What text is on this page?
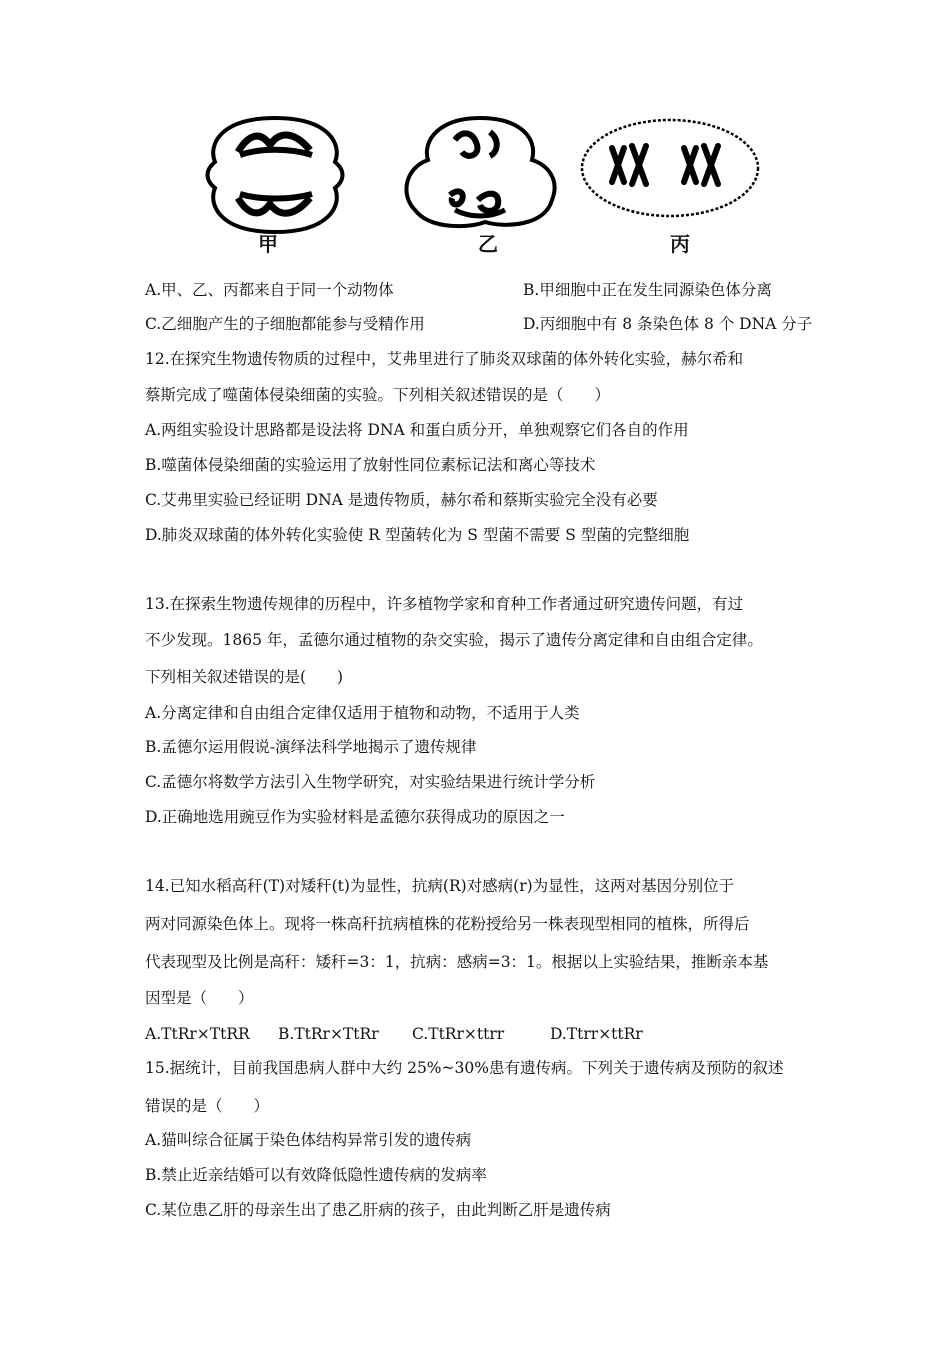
甲	乙	丙
A.甲、乙、丙都来自于同一个动物体	B.甲细胞中正在发生同源染色体分离
C.乙细胞产生的子细胞都能参与受精作用	D.丙细胞中有 8 条染色体 8 个 DNA 分子
12.在探究生物遗传物质的过程中，艾弗里进行了肺炎双球菌的体外转化实验，赫尔希和
蔡斯完成了噬菌体侵染细菌的实验。下列相关叙述错误的是（　　）
A.两组实验设计思路都是设法将 DNA 和蛋白质分开，单独观察它们各自的作用
B.噬菌体侵染细菌的实验运用了放射性同位素标记法和离心等技术
C.艾弗里实验已经证明 DNA 是遗传物质，赫尔希和蔡斯实验完全没有必要
D.肺炎双球菌的体外转化实验使 R 型菌转化为 S 型菌不需要 S 型菌的完整细胞
13.在探索生物遗传规律的历程中，许多植物学家和育种工作者通过研究遗传问题，有过
不少发现。1865 年，孟德尔通过植物的杂交实验，揭示了遗传分离定律和自由组合定律。
下列相关叙述错误的是(　　)
A.分离定律和自由组合定律仅适用于植物和动物，不适用于人类
B.孟德尔运用假说-演绎法科学地揭示了遗传规律
C.孟德尔将数学方法引入生物学研究，对实验结果进行统计学分析
D.正确地选用豌豆作为实验材料是孟德尔获得成功的原因之一
14.已知水稻高秆(T)对矮秆(t)为显性，抗病(R)对感病(r)为显性，这两对基因分别位于
两对同源染色体上。现将一株高秆抗病植株的花粉授给另一株表现型相同的植株，所得后
代表现型及比例是高秆：矮秆=3：1，抗病：感病=3：1。根据以上实验结果，推断亲本基
因型是（　　）
A.TtRr×TtRR B.TtRr×TtRr C.TtRr×ttrr	D.Ttrr×ttRr
15.据统计，目前我国患病人群中大约 25%~30%患有遗传病。下列关于遗传病及预防的叙述
错误的是（　　）
A.猫叫综合征属于染色体结构异常引发的遗传病
B.禁止近亲结婚可以有效降低隐性遗传病的发病率
C.某位患乙肝的母亲生出了患乙肝病的孩子，由此判断乙肝是遗传病
